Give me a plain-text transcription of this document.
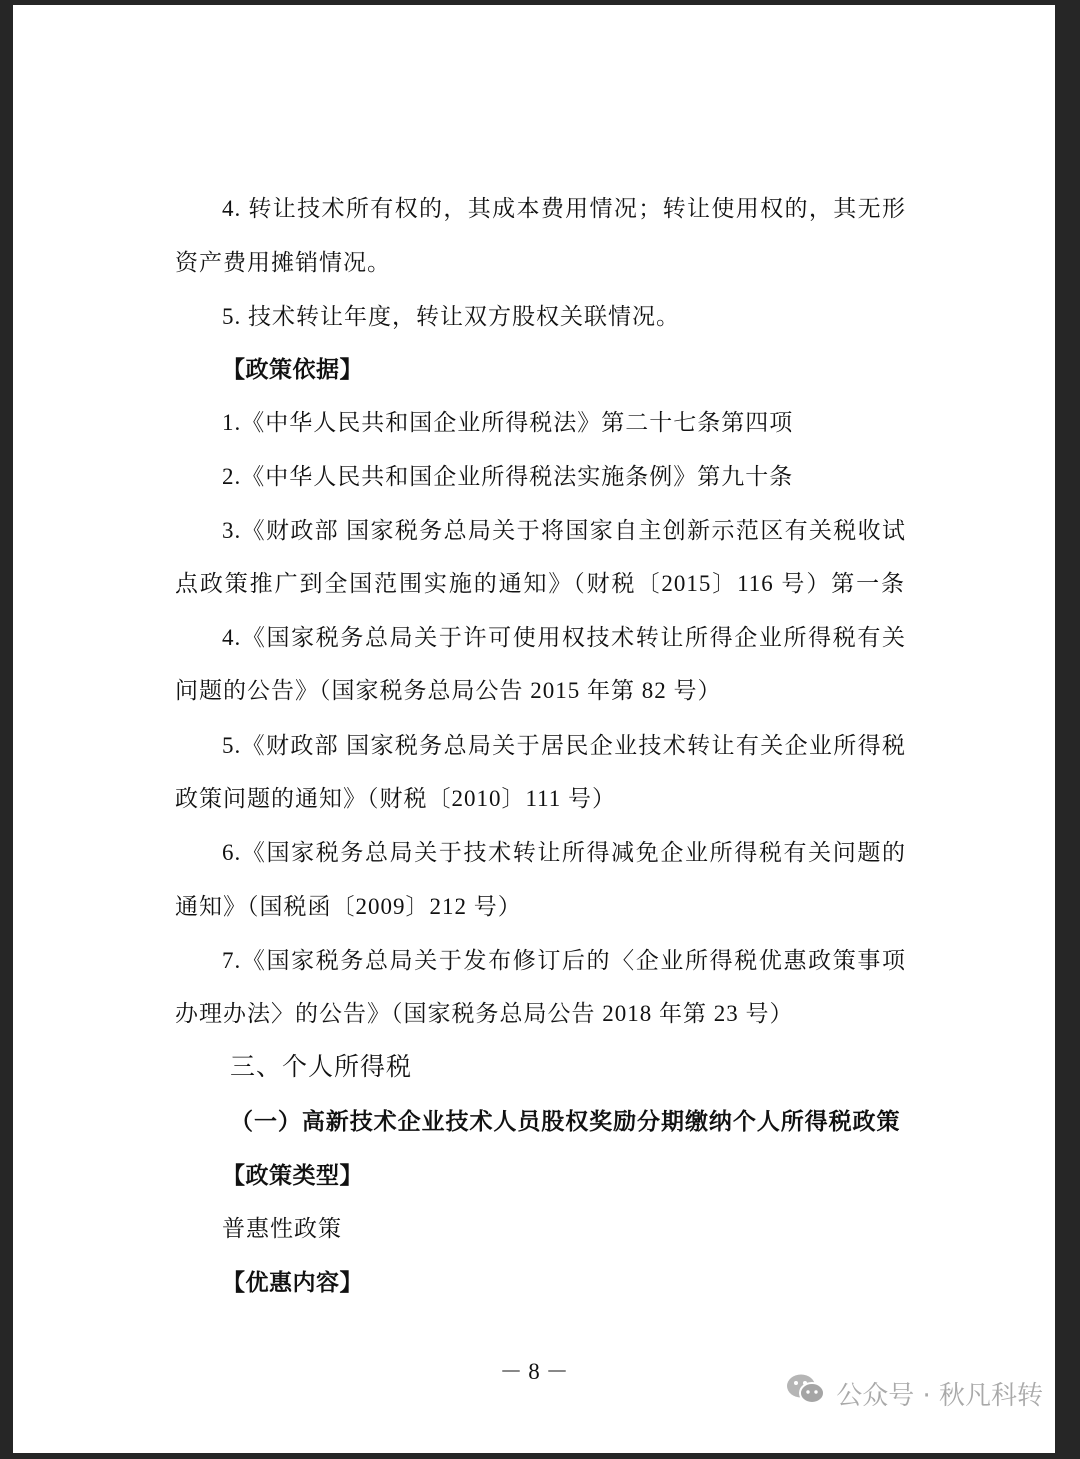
4. 转让技术所有权的，其成本费用情况；转让使用权的，其无形
资产费用摊销情况。
5. 技术转让年度，转让双方股权关联情况。
【政策依据】
1.《中华人民共和国企业所得税法》第二十七条第四项
2.《中华人民共和国企业所得税法实施条例》第九十条
3.《财政部 国家税务总局关于将国家自主创新示范区有关税收试
点政策推广到全国范围实施的通知》（财税〔2015〕116 号）第一条
4.《国家税务总局关于许可使用权技术转让所得企业所得税有关
问题的公告》（国家税务总局公告 2015 年第 82 号）
5.《财政部 国家税务总局关于居民企业技术转让有关企业所得税
政策问题的通知》（财税〔2010〕111 号）
6.《国家税务总局关于技术转让所得减免企业所得税有关问题的
通知》（国税函〔2009〕212 号）
7.《国家税务总局关于发布修订后的〈企业所得税优惠政策事项
办理办法〉的公告》（国家税务总局公告 2018 年第 23 号）
三、个人所得税
（一）高新技术企业技术人员股权奖励分期缴纳个人所得税政策
【政策类型】
普惠性政策
【优惠内容】
－ 8 －
公众号 · 秋凡科转
